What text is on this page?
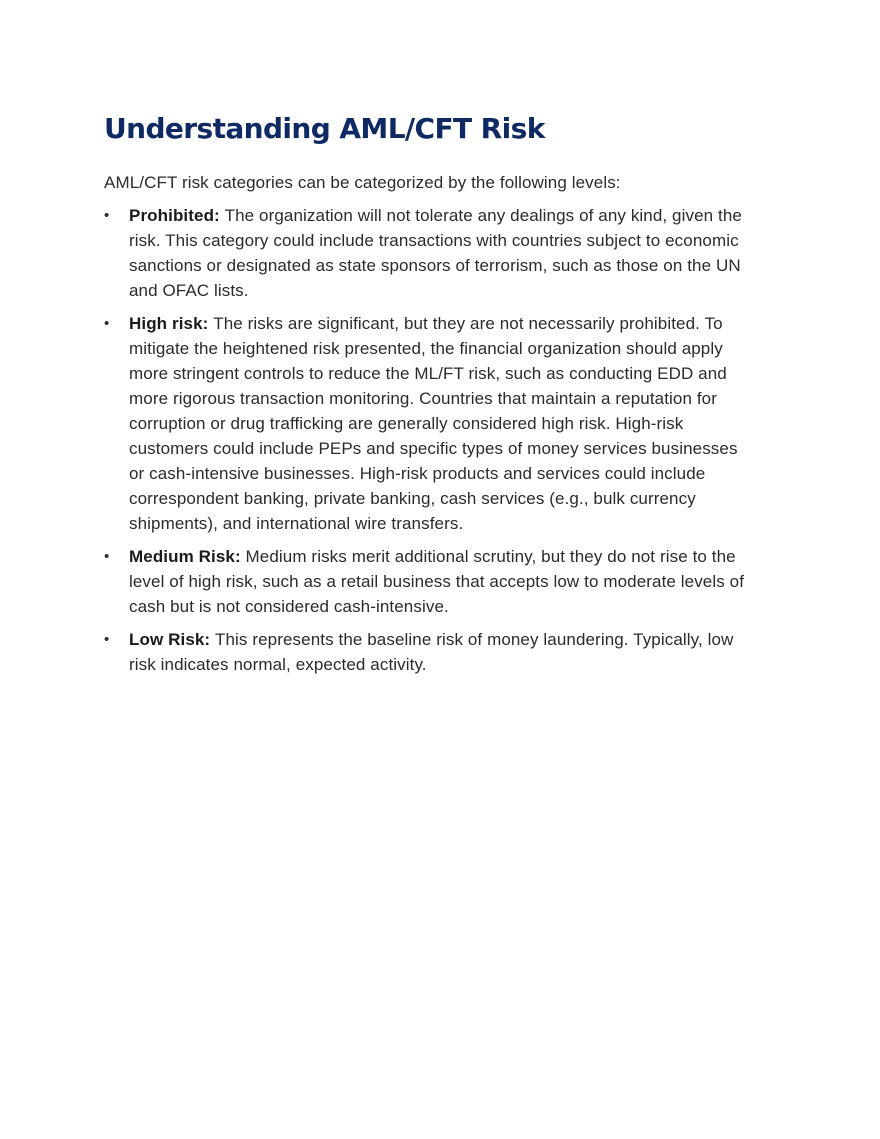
Understanding AML/CFT Risk

AML/CFT risk categories can be categorized by the following levels:

•	Prohibited: The organization will not tolerate any dealings of any kind, given the risk. This category could include transactions with countries subject to economic sanctions or designated as state sponsors of terrorism, such as those on the UN and OFAC lists.
•	High risk: The risks are significant, but they are not necessarily prohibited. To mitigate the heightened risk presented, the financial organization should apply more stringent controls to reduce the ML/FT risk, such as conducting EDD and more rigorous transaction monitoring. Countries that maintain a reputation for corruption or drug trafficking are generally considered high risk. High-risk customers could include PEPs and specific types of money services businesses or cash-intensive businesses. High-risk products and services could include correspondent banking, private banking, cash services (e.g., bulk currency shipments), and international wire transfers.
•	Medium Risk: Medium risks merit additional scrutiny, but they do not rise to the level of high risk, such as a retail business that accepts low to moderate levels of cash but is not considered cash-intensive.
•	Low Risk: This represents the baseline risk of money laundering. Typically, low risk indicates normal, expected activity.
